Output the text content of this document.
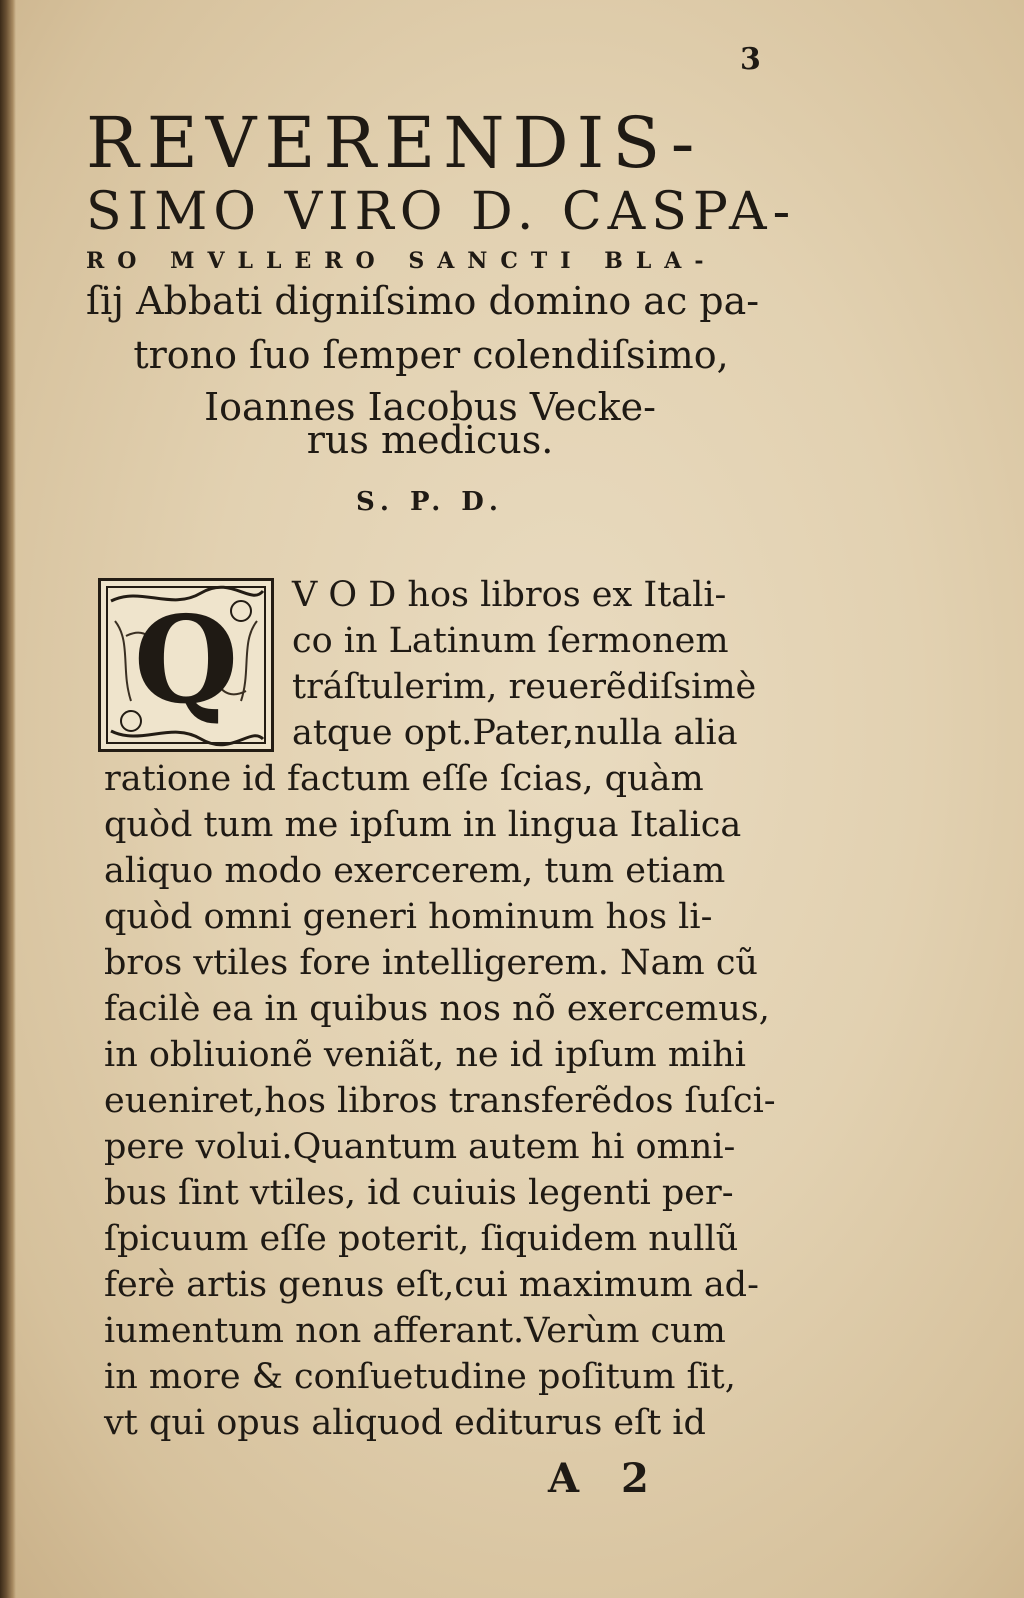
3
REVERENDIS-
SIMO VIRO D. CASPA-
RO MVLLERO SANCTI BLA-
ſij Abbati digniſsimo domino ac pa-
trono ſuo ſemper colendiſsimo,
Ioannes Iacobus Vecke-
rus medicus.
S. P. D.
Q	V O D hos libros ex Itali-
co in Latinum ſermonem
tráſtulerim, reuerẽdiſsimè
atque opt.Pater,nulla alia
ratione id factum eſſe ſcias, quàm
quòd tum me ipſum in lingua Italica
aliquo modo exercerem, tum etiam
quòd omni generi hominum hos li-
bros vtiles fore intelligerem. Nam cũ
facilè ea in quibus nos nõ exercemus,
in obliuionẽ veniãt, ne id ipſum mihi
eueniret,hos libros transferẽdos ſuſci-
pere volui.Quantum autem hi omni-
bus ſint vtiles, id cuiuis legenti per-
ſpicuum eſſe poterit, ſiquidem nullũ
ferè artis genus eſt,cui maximum ad-
iumentum non afferant.Verùm cum
in more & conſuetudine poſitum ſit,
vt qui opus aliquod editurus eſt id
A 2
